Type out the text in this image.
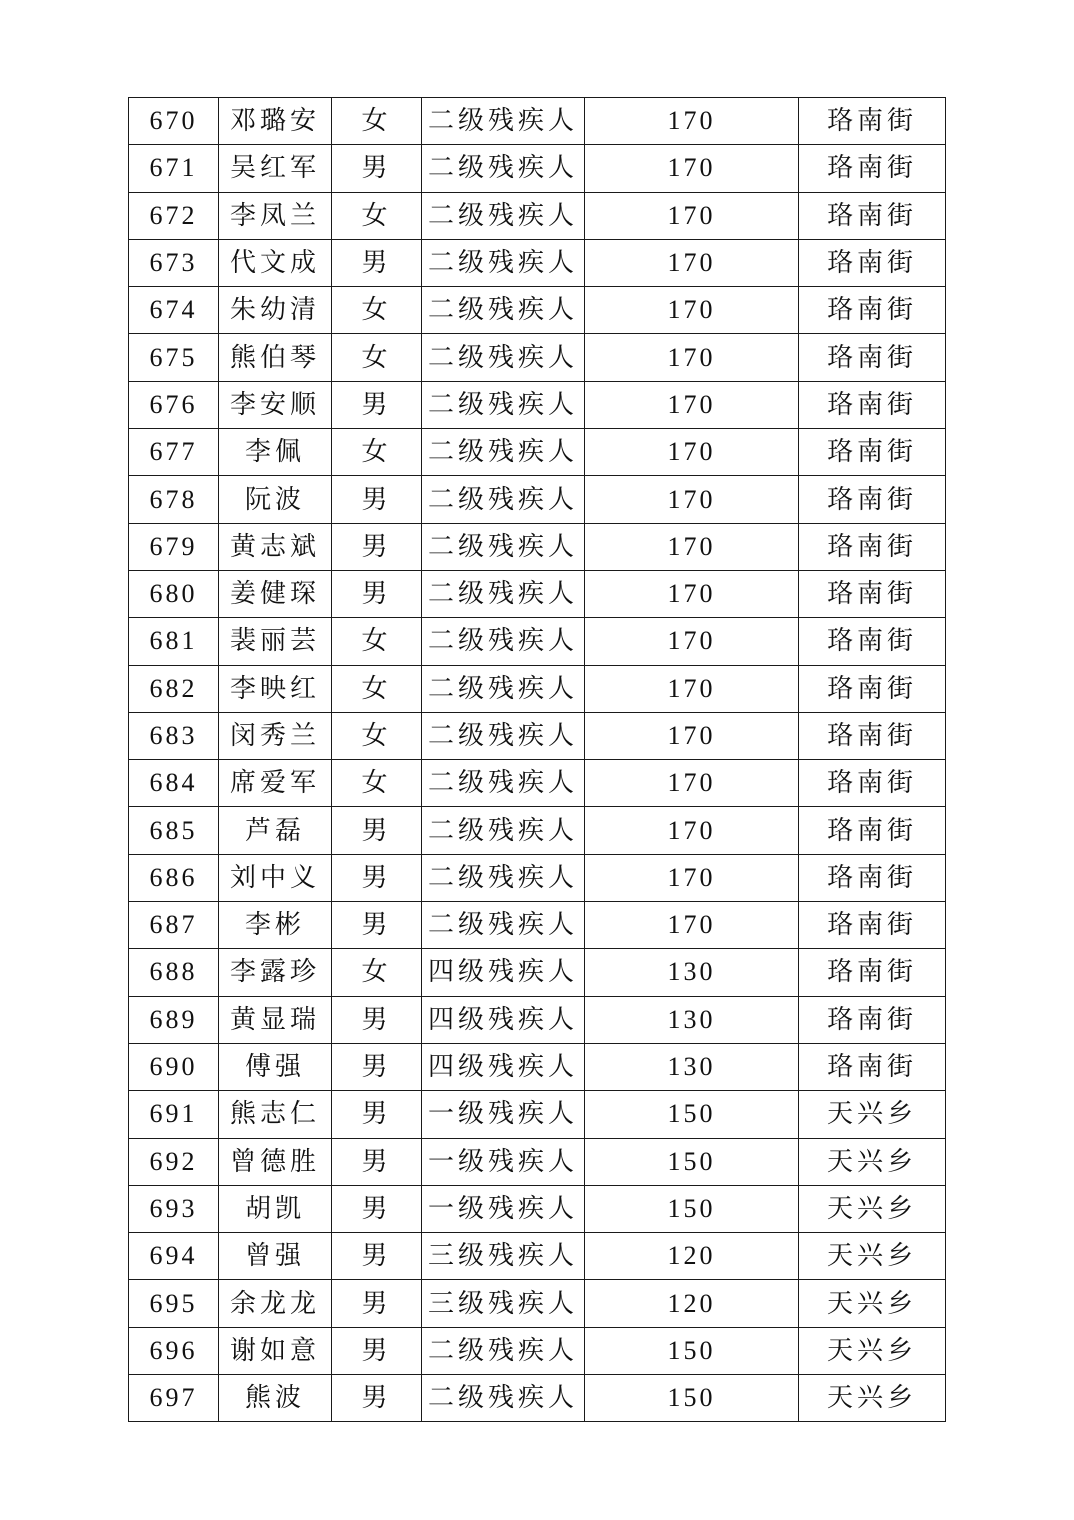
670	邓璐安	女	二级残疾人	170	珞南街
671	吴红军	男	二级残疾人	170	珞南街
672	李凤兰	女	二级残疾人	170	珞南街
673	代文成	男	二级残疾人	170	珞南街
674	朱幼清	女	二级残疾人	170	珞南街
675	熊伯琴	女	二级残疾人	170	珞南街
676	李安顺	男	二级残疾人	170	珞南街
677	李佩	女	二级残疾人	170	珞南街
678	阮波	男	二级残疾人	170	珞南街
679	黄志斌	男	二级残疾人	170	珞南街
680	姜健琛	男	二级残疾人	170	珞南街
681	裴丽芸	女	二级残疾人	170	珞南街
682	李映红	女	二级残疾人	170	珞南街
683	闵秀兰	女	二级残疾人	170	珞南街
684	席爱军	女	二级残疾人	170	珞南街
685	芦磊	男	二级残疾人	170	珞南街
686	刘中义	男	二级残疾人	170	珞南街
687	李彬	男	二级残疾人	170	珞南街
688	李露珍	女	四级残疾人	130	珞南街
689	黄显瑞	男	四级残疾人	130	珞南街
690	傅强	男	四级残疾人	130	珞南街
691	熊志仁	男	一级残疾人	150	天兴乡
692	曾德胜	男	一级残疾人	150	天兴乡
693	胡凯	男	一级残疾人	150	天兴乡
694	曾强	男	三级残疾人	120	天兴乡
695	余龙龙	男	三级残疾人	120	天兴乡
696	谢如意	男	二级残疾人	150	天兴乡
697	熊波	男	二级残疾人	150	天兴乡
